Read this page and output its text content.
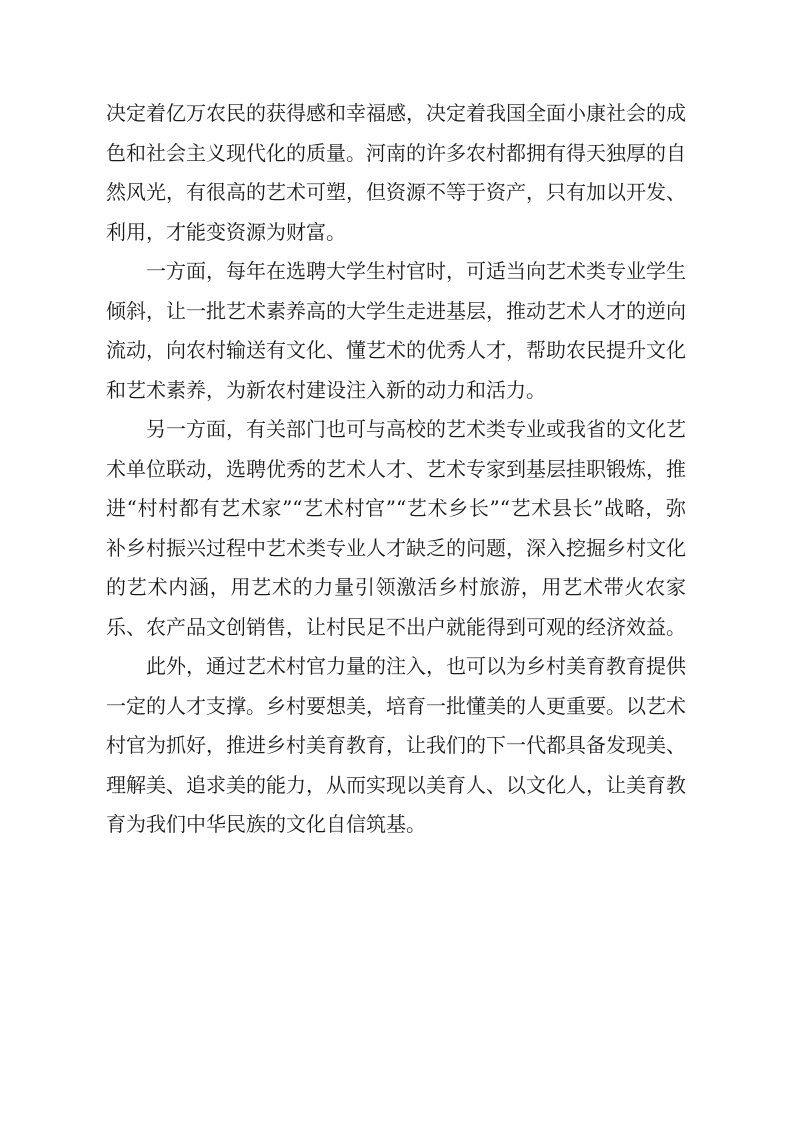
决定着亿万农民的获得感和幸福感，决定着我国全面小康社会的成色和社会主义现代化的质量。河南的许多农村都拥有得天独厚的自然风光，有很高的艺术可塑，但资源不等于资产，只有加以开发、利用，才能变资源为财富。

一方面，每年在选聘大学生村官时，可适当向艺术类专业学生倾斜，让一批艺术素养高的大学生走进基层，推动艺术人才的逆向流动，向农村输送有文化、懂艺术的优秀人才，帮助农民提升文化和艺术素养，为新农村建设注入新的动力和活力。

另一方面，有关部门也可与高校的艺术类专业或我省的文化艺术单位联动，选聘优秀的艺术人才、艺术专家到基层挂职锻炼，推进“村村都有艺术家”“艺术村官”“艺术乡长”“艺术县长”战略，弥补乡村振兴过程中艺术类专业人才缺乏的问题，深入挖掘乡村文化的艺术内涵，用艺术的力量引领激活乡村旅游，用艺术带火农家乐、农产品文创销售，让村民足不出户就能得到可观的经济效益。

此外，通过艺术村官力量的注入，也可以为乡村美育教育提供一定的人才支撑。乡村要想美，培育一批懂美的人更重要。以艺术村官为抓好，推进乡村美育教育，让我们的下一代都具备发现美、理解美、追求美的能力，从而实现以美育人、以文化人，让美育教育为我们中华民族的文化自信筑基。
